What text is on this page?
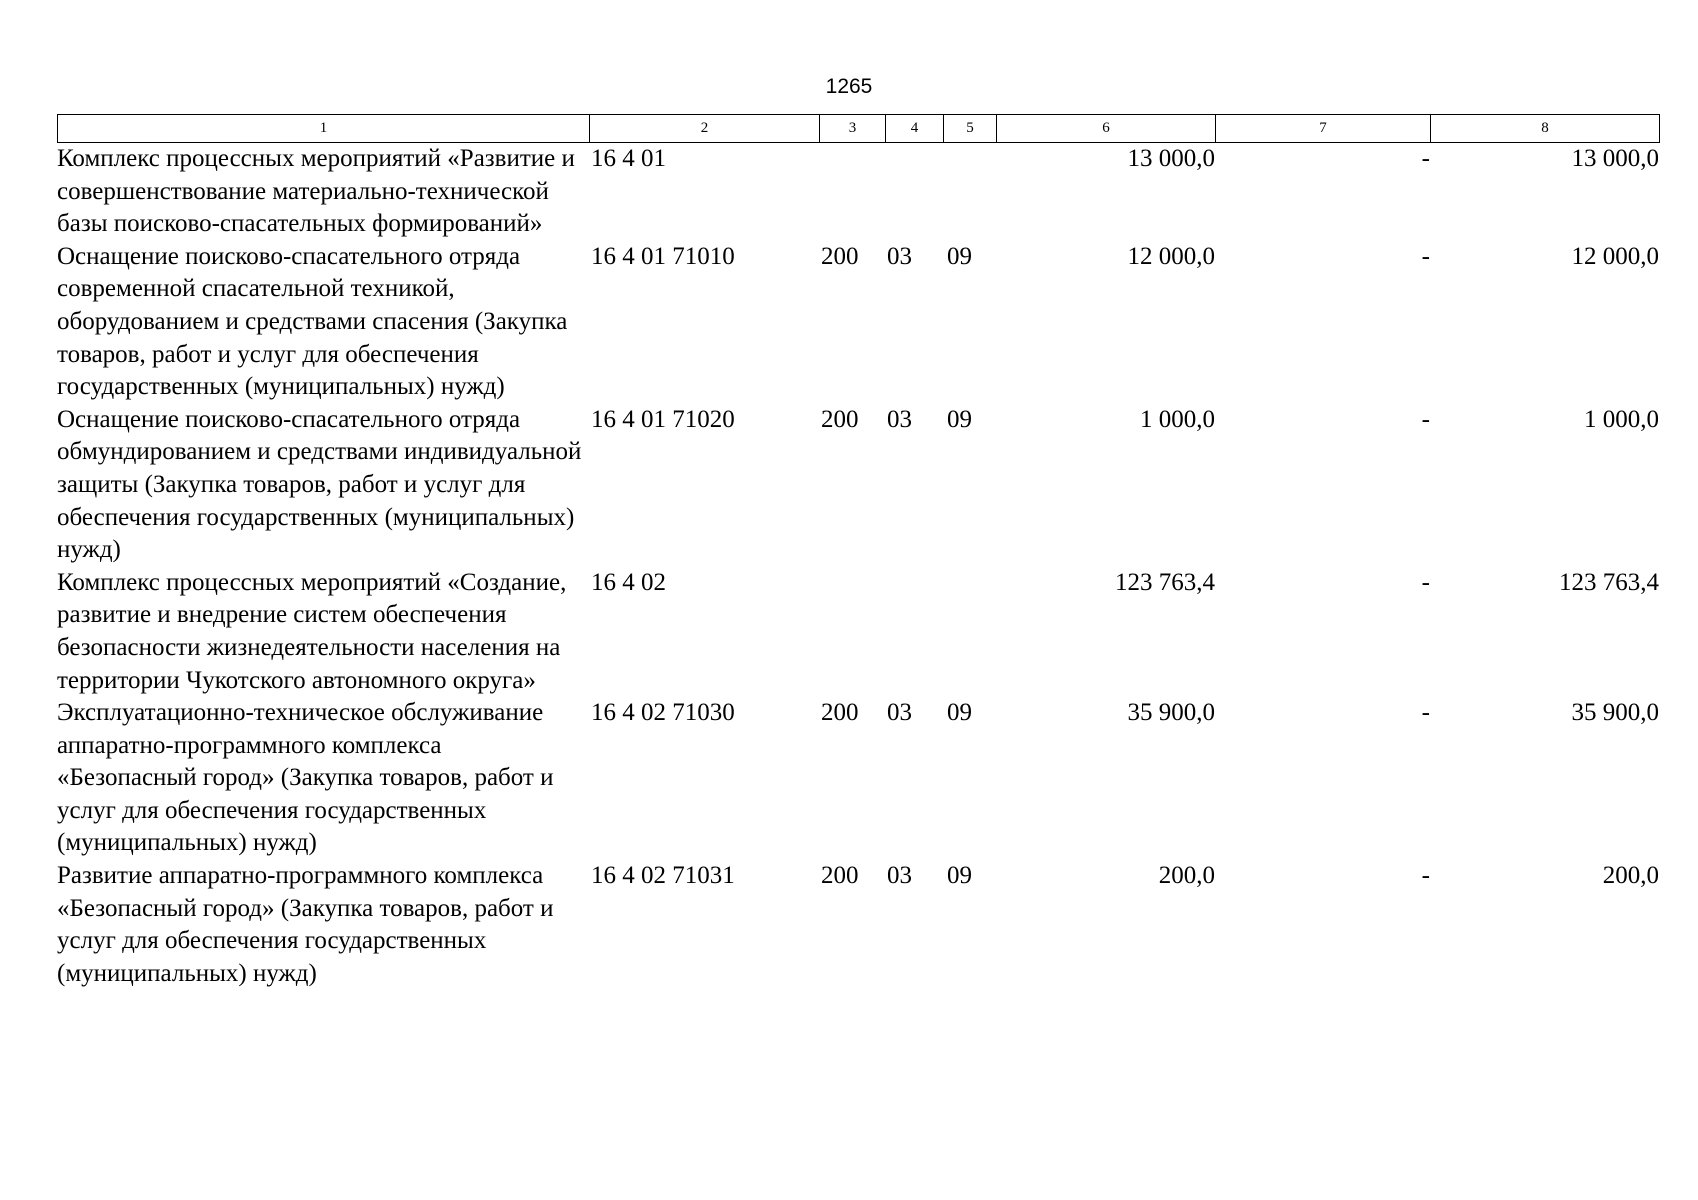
1265
1	2	3	4	5	6	7	8
Комплекс процессных мероприятий «Развитие и совершенствование материально-технической базы поисково-спасательных формирований»	16 4 01				13 000,0	-	13 000,0
Оснащение поисково-спасательного отряда современной спасательной техникой, оборудованием и средствами спасения (Закупка товаров, работ и услуг для обеспечения государственных (муниципальных) нужд)	16 4 01 71010	200	03	09	12 000,0	-	12 000,0
Оснащение поисково-спасательного отряда обмундированием и средствами индивидуальной защиты (Закупка товаров, работ и услуг для обеспечения государственных (муниципальных) нужд)	16 4 01 71020	200	03	09	1 000,0	-	1 000,0
Комплекс процессных мероприятий «Создание, развитие и внедрение систем обеспечения безопасности жизнедеятельности населения на территории Чукотского автономного округа»	16 4 02				123 763,4	-	123 763,4
Эксплуатационно-техническое обслуживание аппаратно-программного комплекса «Безопасный город» (Закупка товаров, работ и услуг для обеспечения государственных (муниципальных) нужд)	16 4 02 71030	200	03	09	35 900,0	-	35 900,0
Развитие аппаратно-программного комплекса «Безопасный город» (Закупка товаров, работ и услуг для обеспечения государственных (муниципальных) нужд)	16 4 02 71031	200	03	09	200,0	-	200,0
